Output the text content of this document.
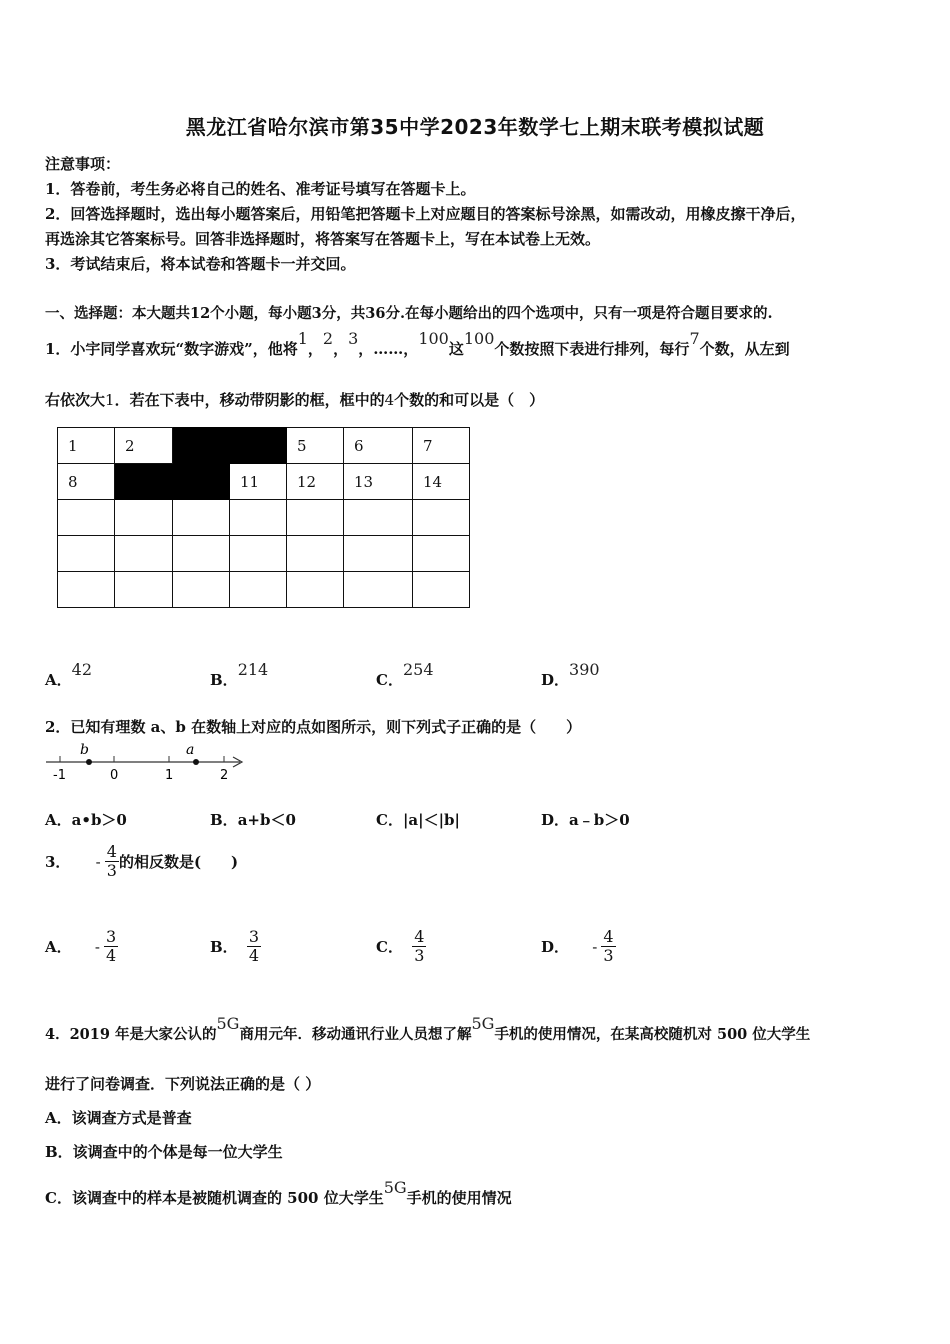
黑龙江省哈尔滨市第35中学2023年数学七上期末联考模拟试题
注意事项：
1．答卷前，考生务必将自己的姓名、准考证号填写在答题卡上。
2．回答选择题时，选出每小题答案后，用铅笔把答题卡上对应题目的答案标号涂黑，如需改动，用橡皮擦干净后，
再选涂其它答案标号。回答非选择题时，将答案写在答题卡上，写在本试卷上无效。
3．考试结束后，将本试卷和答题卡一并交回。
一、选择题：本大题共12个小题，每小题3分，共36分.在每小题给出的四个选项中，只有一项是符合题目要求的.
1．小宇同学喜欢玩“数字游戏”，他将1，2，3，……，100这100个数按照下表进行排列，每行7个数，从左到
右依次大1．若在下表中，移动带阴影的框，框中的4个数的和可以是（　）
1	2			5	6	7
8			11	12	13	14

A．42
B．214
C．254
D．390
2．已知有理数 a、b 在数轴上对应的点如图所示，则下列式子正确的是（　　）
b	a
-1	0	1	2
A．a•b＞0	B．a+b＜0	C．|a|＜|b|	D．a﹣b＞0
3． - $\frac{4}{3}$ 的相反数是(　　)
A． - $\frac{3}{4}$	B． $\frac{3}{4}$	C． $\frac{4}{3}$	D． - $\frac{4}{3}$
4．2019 年是大家公认的5G商用元年．移动通讯行业人员想了解5G手机的使用情况，在某高校随机对 500 位大学生
进行了问卷调查．下列说法正确的是（ ）
A．该调查方式是普查
B．该调查中的个体是每一位大学生
C．该调查中的样本是被随机调查的 500 位大学生5G手机的使用情况
